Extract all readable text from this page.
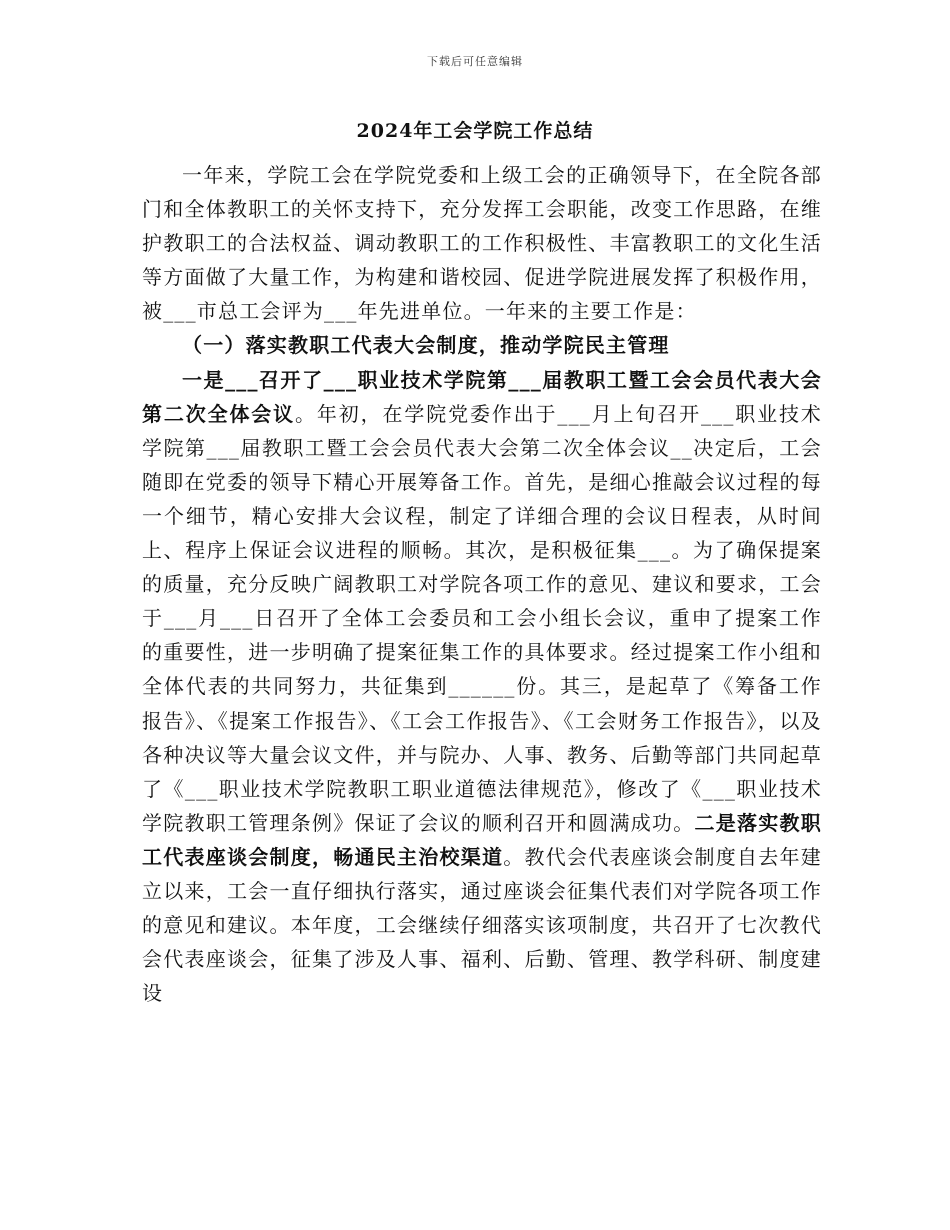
下载后可任意编辑
2024年工会学院工作总结

一年来，学院工会在学院党委和上级工会的正确领导下，在全院各部门和全体教职工的关怀支持下，充分发挥工会职能，改变工作思路，在维护教职工的合法权益、调动教职工的工作积极性、丰富教职工的文化生活等方面做了大量工作，为构建和谐校园、促进学院进展发挥了积极作用，被___市总工会评为___年先进单位。一年来的主要工作是：

（一）落实教职工代表大会制度，推动学院民主管理

一是___召开了___职业技术学院第___届教职工暨工会会员代表大会第二次全体会议。年初，在学院党委作出于___月上旬召开___职业技术学院第___届教职工暨工会会员代表大会第二次全体会议__决定后，工会随即在党委的领导下精心开展筹备工作。首先，是细心推敲会议过程的每一个细节，精心安排大会议程，制定了详细合理的会议日程表，从时间上、程序上保证会议进程的顺畅。其次，是积极征集___。为了确保提案的质量，充分反映广阔教职工对学院各项工作的意见、建议和要求，工会于___月___日召开了全体工会委员和工会小组长会议，重申了提案工作的重要性，进一步明确了提案征集工作的具体要求。经过提案工作小组和全体代表的共同努力，共征集到______份。其三，是起草了《筹备工作报告》、《提案工作报告》、《工会工作报告》、《工会财务工作报告》，以及各种决议等大量会议文件，并与院办、人事、教务、后勤等部门共同起草了《___职业技术学院教职工职业道德法律规范》，修改了《___职业技术学院教职工管理条例》保证了会议的顺利召开和圆满成功。二是落实教职工代表座谈会制度，畅通民主治校渠道。教代会代表座谈会制度自去年建立以来，工会一直仔细执行落实，通过座谈会征集代表们对学院各项工作的意见和建议。本年度，工会继续仔细落实该项制度，共召开了七次教代会代表座谈会，征集了涉及人事、福利、后勤、管理、教学科研、制度建设
